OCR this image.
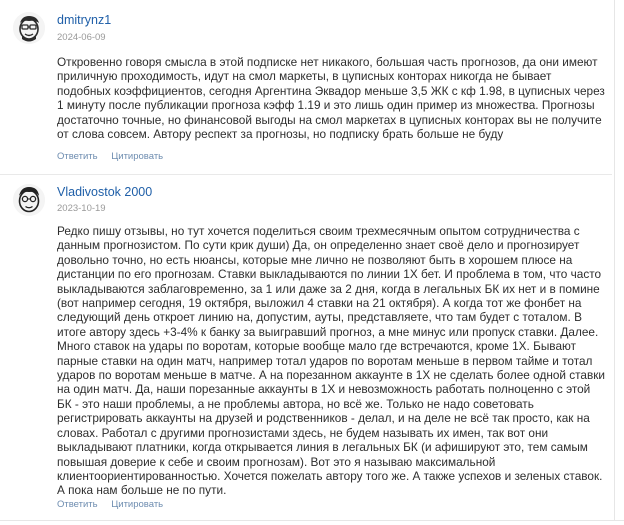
dmitrynz1
2024-06-09
Откровенно говоря смысла в этой подписке нет никакого, большая часть прогнозов, да они имеют приличную проходимость, идут на смол маркеты, в цуписных конторах никогда не бывает подобных коэффициентов, сегодня Аргентина Эквадор меньше 3,5 ЖК с кф 1.98, в цуписных через 1 минуту после публикации прогноза кэфф 1.19 и это лишь один пример из множества. Прогнозы достаточно точные, но финансовой выгоды на смол маркетах в цуписных конторах вы не получите от слова совсем. Автору респект за прогнозы, но подписку брать больше не буду
Ответить Цитировать
Vladivostok 2000
2023-10-19
Редко пишу отзывы, но тут хочется поделиться своим трехмесячным опытом сотрудничества с данным прогнозистом. По сути крик души) Да, он определенно знает своё дело и прогнозирует довольно точно, но есть нюансы, которые мне лично не позволяют быть в хорошем плюсе на дистанции по его прогнозам. Ставки выкладываются по линии 1Х бет. И проблема в том, что часто выкладываются заблаговременно, за 1 или даже за 2 дня, когда в легальных БК их нет и в помине (вот например сегодня, 19 октября, выложил 4 ставки на 21 октября). А когда тот же фонбет на следующий день откроет линию на, допустим, ауты, представляете, что там будет с тоталом. В итоге автору здесь +3-4% к банку за выигравший прогноз, а мне минус или пропуск ставки. Далее. Много ставок на удары по воротам, которые вообще мало где встречаются, кроме 1Х. Бывают парные ставки на один матч, например тотал ударов по воротам меньше в первом тайме и тотал ударов по воротам меньше в матче. А на порезанном аккаунте в 1Х не сделать более одной ставки на один матч. Да, наши порезанные аккаунты в 1Х и невозможность работать полноценно с этой БК - это наши проблемы, а не проблемы автора, но всё же. Только не надо советовать регистрировать аккаунты на друзей и родственников - делал, и на деле не всё так просто, как на словах. Работал с другими прогнозистами здесь, не будем называть их имен, так вот они выкладывают платники, когда открывается линия в легальных БК (и афишируют это, тем самым повышая доверие к себе и своим прогнозам). Вот это я называю максимальной клиентоориентированностью. Хочется пожелать автору того же. А также успехов и зеленых ставок. А пока нам больше не по пути.
Ответить Цитировать
